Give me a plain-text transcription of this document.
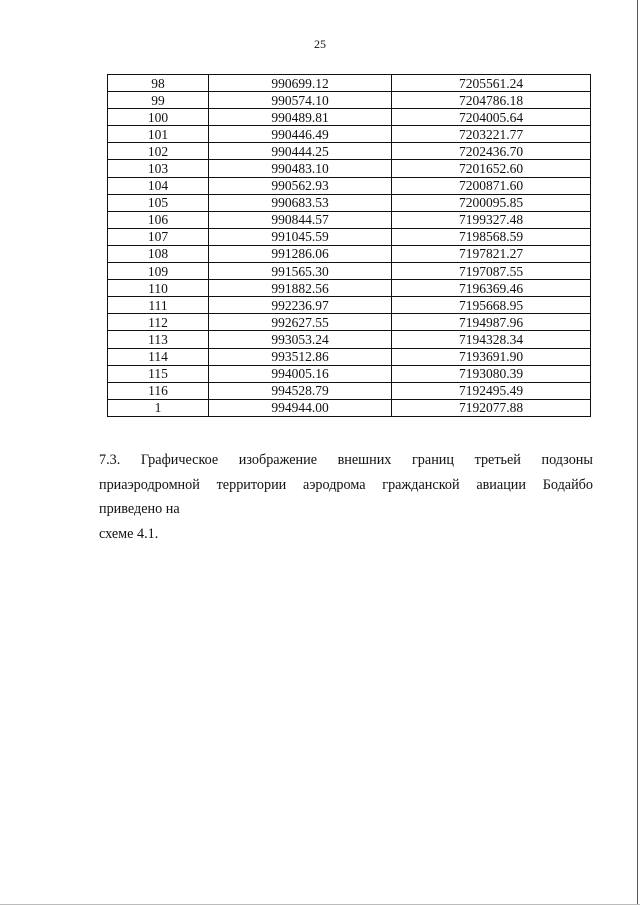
25
98	990699.12	7205561.24
99	990574.10	7204786.18
100	990489.81	7204005.64
101	990446.49	7203221.77
102	990444.25	7202436.70
103	990483.10	7201652.60
104	990562.93	7200871.60
105	990683.53	7200095.85
106	990844.57	7199327.48
107	991045.59	7198568.59
108	991286.06	7197821.27
109	991565.30	7197087.55
110	991882.56	7196369.46
111	992236.97	7195668.95
112	992627.55	7194987.96
113	993053.24	7194328.34
114	993512.86	7193691.90
115	994005.16	7193080.39
116	994528.79	7192495.49
1	994944.00	7192077.88
7.3. Графическое изображение внешних границ третьей подзоны
приаэродромной территории аэродрома гражданской авиации Бодайбо приведено на
схеме 4.1.
